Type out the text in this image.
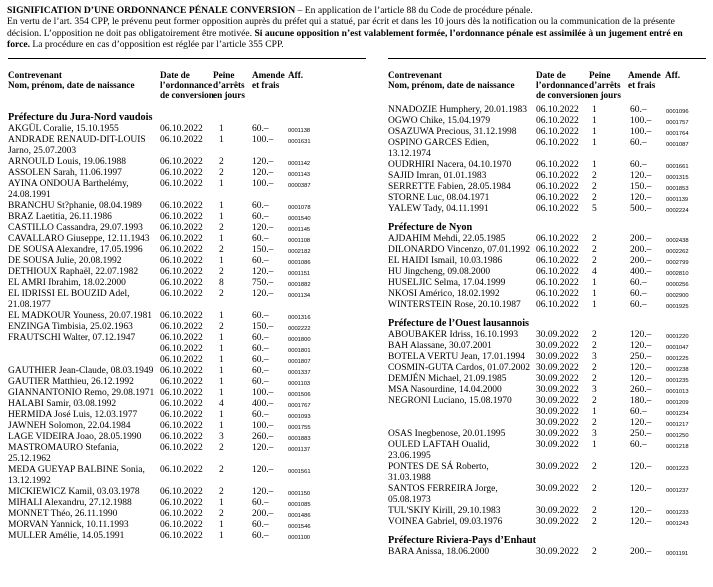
SIGNIFICATION D’UNE ORDONNANCE PÉNALE CONVERSION – En application de l’article 88 du Code de procédure pénale.

En vertu de l’art. 354 CPP, le prévenu peut former opposition auprès du préfet qui a statué, par écrit et dans les 10 jours dès la notification ou la communication de la présente décision. L’opposition ne doit pas obligatoirement être motivée. Si aucune opposition n’est valablement formée, l’ordonnance pénale est assimilée à un jugement entré en force. La procédure en cas d’opposition est réglée par l’article 355 CPP.

Contrevenant
Nom, prénom, date de naissance
Date de
l’ordonnance
de conversion
Peine
d’arrêts
en jours
Amende
et frais
Aff.
Préfecture du Jura-Nord vaudois
AKGÜL Coralie, 15.10.1955	06.10.2022 1	60.–	0001138
ANDRADE RENAUD-DIT-LOUIS Jarno, 25.07.2003
06.10.2022 1	100.–	0001631
ARNOULD Louis, 19.06.1988	06.10.2022 2	120.–	0001142
ASSOLEN Sarah, 11.06.1997	06.10.2022 2	120.–	0001143
AYINA ONDOUA Barthelémy, 24.08.1991
06.10.2022 1	100.–	0000387
BRANCHU St?phanie, 08.04.1989	06.10.2022 1	60.–	0001078
BRAZ Laetitia, 26.11.1986	06.10.2022 1	60.–	0001540
CASTILLO Cassandra, 29.07.1993	06.10.2022 2	120.–	0001145
CAVALLARO Giuseppe, 12.11.1943	06.10.2022 1	60.–	0001108
DE SOUSA Alexandre, 17.05.1996	06.10.2022 2	150.–	0002182
DE SOUSA Julie, 20.08.1992	06.10.2022 1	60.–	0001086
DETHIOUX Raphaël, 22.07.1982	06.10.2022 2	120.–	0001151
EL AMRI Ibrahim, 18.02.2000	06.10.2022 8	750.–	0001882
EL IDRISSI EL BOUZID Adel, 21.08.1977
06.10.2022 2	120.–	0001134
EL MADKOUR Youness, 20.07.1981 06.10.2022 1	60.–	0001316
ENZINGA Timbisia, 25.02.1963	06.10.2022 2	150.–	0002222
FRAUTSCHI Walter, 07.12.1947	06.10.2022 1	60.–	0001800

06.10.2022 1	60.–	0001801

06.10.2022 1	60.–	0001807
GAUTHIER Jean-Claude, 08.03.1949 06.10.2022 1	60.–	0001337
GAUTIER Matthieu, 26.12.1992	06.10.2022 1	60.–	0001103
GIANNANTONIO Remo, 29.08.1971 06.10.2022 1	100.–	0001506
HALABI Samir, 03.08.1992	06.10.2022 4	400.–	0001767
HERMIDA José Luis, 12.03.1977	06.10.2022 1	60.–	0001093
JAWNEH Solomon, 22.04.1984	06.10.2022 1	100.–	0001755
LAGE VIDEIRA Joao, 28.05.1990	06.10.2022 3	260.–	0001883
MASTROMAURO Stefania, 25.12.1962
06.10.2022 2	120.–	0001137
MEDA GUEYAP BALBINE Sonia, 13.12.1992
06.10.2022 2	120.–	0001561
MICKIEWICZ Kamil, 03.03.1978	06.10.2022 2	120.–	0001150
MIHALI Alexandru, 27.12.1988	06.10.2022 1	60.–	0001085
MONNET Théo, 26.11.1990	06.10.2022 2	200.–	0001486
MORVAN Yannick, 10.11.1993	06.10.2022 1	60.–	0001546
MULLER Amélie, 14.05.1991	06.10.2022 1	60.–	0001100
Contrevenant
Nom, prénom, date de naissance
Date de
l’ordonnance
de conversion
Peine
d’arrêts
en jours
Amende
et frais
Aff.
NNADOZIE Humphery, 20.01.1983 06.10.2022 1	60.–	0001096
OGWO Chike, 15.04.1979	06.10.2022 1	100.–	0001757
OSAZUWA Precious, 31.12.1998	06.10.2022 1	100.–	0001764
OSPINO GARCES Edien, 13.12.1974
06.10.2022 1	60.–	0001087
OUDRHIRI Nacera, 04.10.1970	06.10.2022 1	60.–	0001661
SAJID Imran, 01.01.1983	06.10.2022 2	120.–	0001315
SERRETTE Fabien, 28.05.1984	06.10.2022 2	150.–	0001853
STORNE Luc, 08.04.1971	06.10.2022 2	120.–	0001139
YALEW Tady, 04.11.1991	06.10.2022 5	500.–	0002224
Préfecture de Nyon
AJDAHIM Mehdi, 22.05.1985	06.10.2022 2	200.–	0002438
DILONARDO Vincenzo, 07.01.1992 06.10.2022 2	200.–	0002262
EL HAIDI Ismail, 10.03.1986	06.10.2022 2	200.–	0002799
HU Jingcheng, 09.08.2000	06.10.2022 4	400.–	0002810
HUSELJIC Selma, 17.04.1999	06.10.2022 1	60.–	0000256
NKOSI Américo, 18.02.1992	06.10.2022 1	60.–	0002900
WINTERSTEIN Rose, 20.10.1987	06.10.2022 1	60.–	0001925
Préfecture de l’Ouest lausannois
ABOUBAKER Idriss, 16.10.1993	30.09.2022 2	120.–	0001220
BAH Alassane, 30.07.2001	30.09.2022 2	120.–	0001047
BOTELA VERTU Jean, 17.01.1994	30.09.2022 3	250.–	0001225
COSMIN-GUTA Cardos, 01.07.2002 30.09.2022 2	120.–	0001238
DEMJÉN Michael, 21.09.1985	30.09.2022 2	120.–	0001235
MSA Nasourdine, 14.04.2000	30.09.2022 3	260.–	0001013
NEGRONI Luciano, 15.08.1970	30.09.2022 2	180.–	0001209

30.09.2022 1	60.–	0001234

30.09.2022 2	120.–	0001217
OSAS Inegbenose, 20.01.1995	30.09.2022 3	250.–	0001250
OULED LAFTAH Oualid, 23.06.1995
30.09.2022 1	60.–	0001218
PONTES DE SÁ Roberto, 31.03.1988
30.09.2022 2	120.–	0001223
SANTOS FERREIRA Jorge, 05.08.1973
30.09.2022 2	120.–	0001237
TUL'SKIY Kirill, 29.10.1983	30.09.2022 2	120.–	0001233
VOINEA Gabriel, 09.03.1976	30.09.2022 2	120.–	0001243
Préfecture Riviera-Pays d’Enhaut
BARA Anissa, 18.06.2000	30.09.2022 2	200.–	0001191
